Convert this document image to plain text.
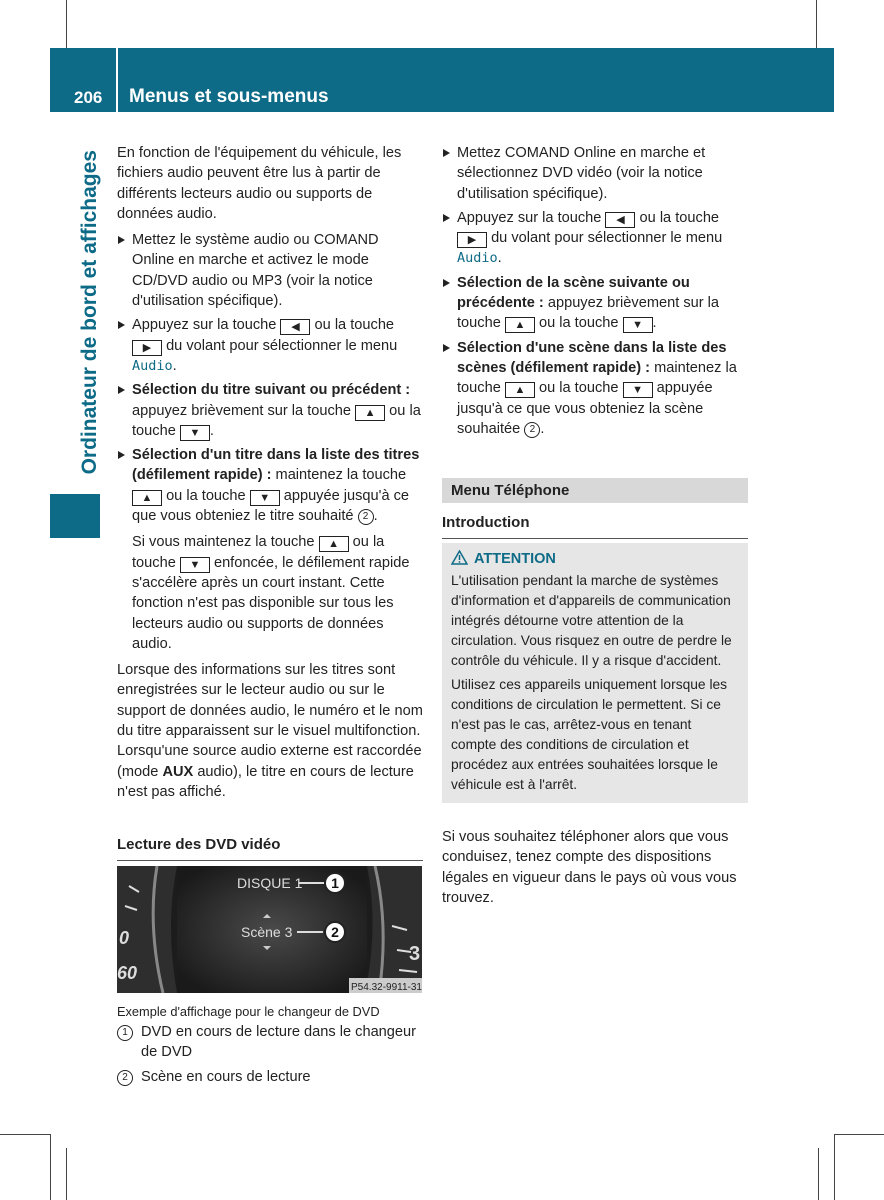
206 Menus et sous-menus
Ordinateur de bord et affichages	En fonction de l'équipement du véhicule, les fichiers audio peuvent être lus à partir de différents lecteurs audio ou supports de données audio.

Mettez le système audio ou COMAND Online en marche et activez le mode CD/DVD audio ou MP3 (voir la notice d'utilisation spécifique).
Appuyez sur la touche ◀ ou la touche ▶ du volant pour sélectionner le menu Audio.
Sélection du titre suivant ou précédent : appuyez brièvement sur la touche ▲ ou la touche ▼ .
Sélection d'un titre dans la liste des titres (défilement rapide) : maintenez la touche ▲ ou la touche ▼ appuyée jusqu'à ce que vous obteniez le titre souhaité 2 .
Si vous maintenez la touche ▲ ou la touche ▼ enfoncée, le défilement rapide s'accélère après un court instant. Cette fonction n'est pas disponible sur tous les lecteurs audio ou supports de données audio.

Lorsque des informations sur les titres sont enregistrées sur le lecteur audio ou sur le support de données audio, le numéro et le nom du titre apparaissent sur le visuel multifonction. Lorsqu'une source audio externe est raccordée (mode AUX audio), le titre en cours de lecture n'est pas affiché.

Lecture des DVD vidéo
1
2
DISQUE 1
Scène 3
0
60
3
P54.32-9911-31
Exemple d'affichage pour le changeur de DVD
1 DVD en cours de lecture dans le changeur de DVD
2 Scène en cours de lecture
Mettez COMAND Online en marche et sélectionnez DVD vidéo (voir la notice d'utilisation spécifique).
Appuyez sur la touche ◀ ou la touche ▶ du volant pour sélectionner le menu Audio.
Sélection de la scène suivante ou précédente : appuyez brièvement sur la touche ▲ ou la touche ▼ .
Sélection d'une scène dans la liste des scènes (défilement rapide) : maintenez la touche ▲ ou la touche ▼ appuyée jusqu'à ce que vous obteniez la scène souhaitée 2 .
Menu Téléphone
Introduction
ATTENTION
L'utilisation pendant la marche de systèmes d'information et d'appareils de communication intégrés détourne votre attention de la circulation. Vous risquez en outre de perdre le contrôle du véhicule. Il y a risque d'accident.
Utilisez ces appareils uniquement lorsque les conditions de circulation le permettent. Si ce n'est pas le cas, arrêtez-vous en tenant compte des conditions de circulation et procédez aux entrées souhaitées lorsque le véhicule est à l'arrêt.
Si vous souhaitez téléphoner alors que vous conduisez, tenez compte des dispositions légales en vigueur dans le pays où vous vous trouvez.
